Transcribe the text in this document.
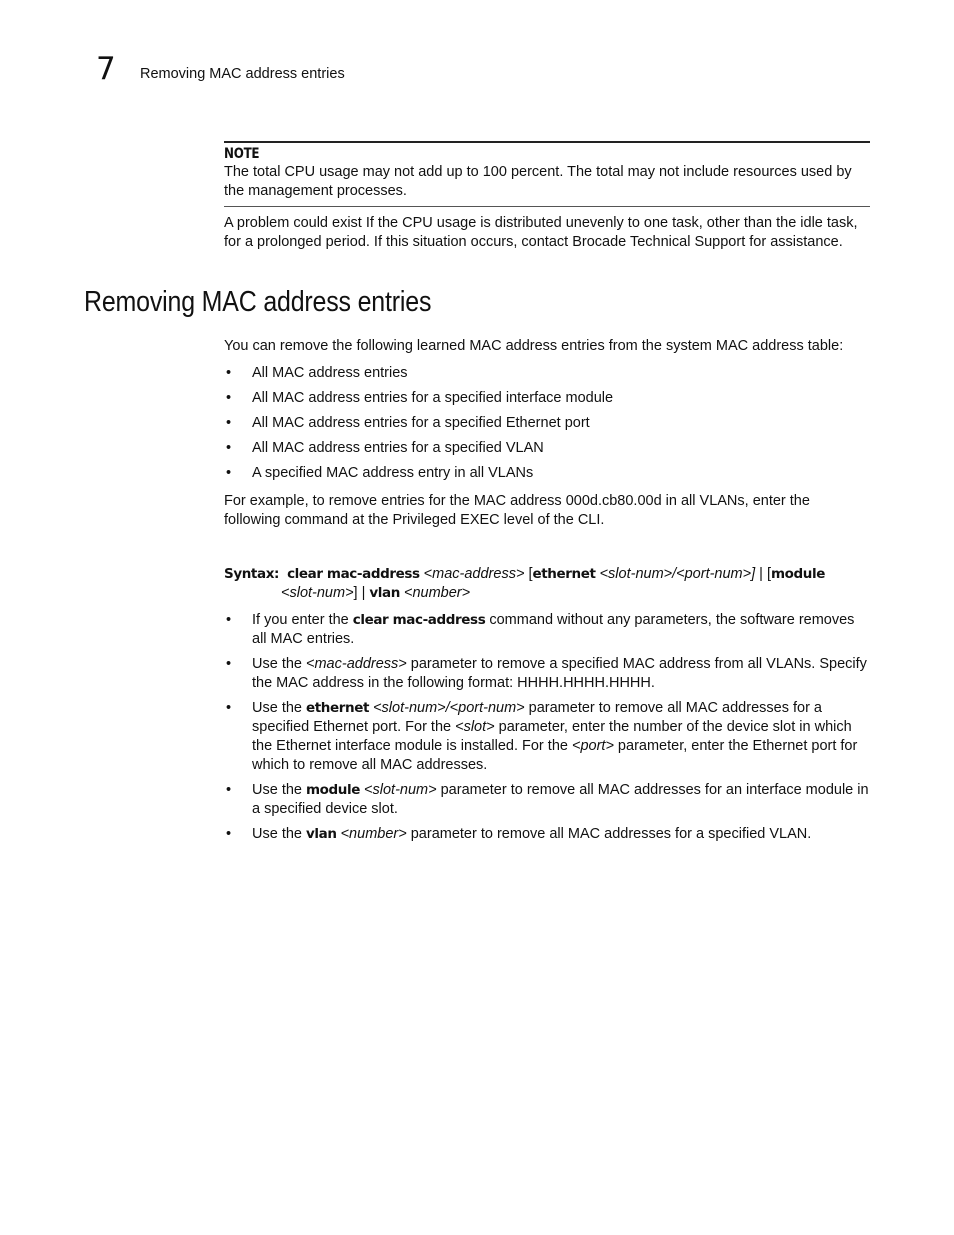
7 Removing MAC address entries
NOTE
The total CPU usage may not add up to 100 percent. The total may not include resources used by the management processes.
A problem could exist If the CPU usage is distributed unevenly to one task, other than the idle task, for a prolonged period. If this situation occurs, contact Brocade Technical Support for assistance.
Removing MAC address entries
You can remove the following learned MAC address entries from the system MAC address table:
• All MAC address entries
• All MAC address entries for a specified interface module
• All MAC address entries for a specified Ethernet port
• All MAC address entries for a specified VLAN
• A specified MAC address entry in all VLANs
For example, to remove entries for the MAC address 000d.cb80.00d in all VLANs, enter the following command at the Privileged EXEC level of the CLI.
Syntax: clear mac-address <mac-address> [ethernet <slot-num>/<port-num>] | [module
<slot-num>] | vlan <number>
• If you enter the clear mac-address command without any parameters, the software removes all MAC entries.
• Use the <mac-address> parameter to remove a specified MAC address from all VLANs. Specify the MAC address in the following format: HHHH.HHHH.HHHH.
• Use the ethernet <slot-num>/<port-num> parameter to remove all MAC addresses for a specified Ethernet port. For the <slot> parameter, enter the number of the device slot in which the Ethernet interface module is installed. For the <port> parameter, enter the Ethernet port for which to remove all MAC addresses.
• Use the module <slot-num> parameter to remove all MAC addresses for an interface module in a specified device slot.
• Use the vlan <number> parameter to remove all MAC addresses for a specified VLAN.
